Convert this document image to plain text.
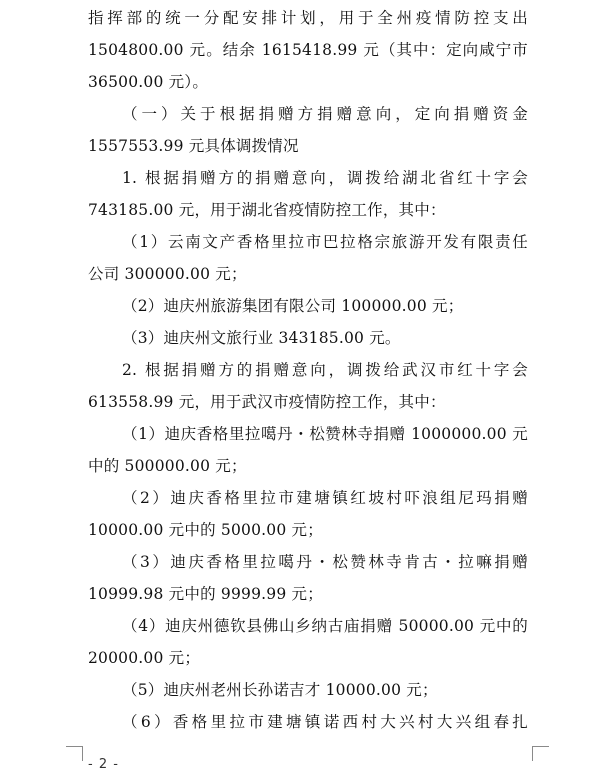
指挥部的统一分配安排计划，用于全州疫情防控支出
1504800.00 元。结余 1615418.99 元（其中：定向咸宁市
36500.00 元）。
（一）关于根据捐赠方捐赠意向，定向捐赠资金
1557553.99 元具体调拨情况
1. 根据捐赠方的捐赠意向，调拨给湖北省红十字会
743185.00 元，用于湖北省疫情防控工作，其中：
（1）云南文产香格里拉市巴拉格宗旅游开发有限责任
公司 300000.00 元；
（2）迪庆州旅游集团有限公司 100000.00 元；
（3）迪庆州文旅行业 343185.00 元。
2. 根据捐赠方的捐赠意向，调拨给武汉市红十字会
613558.99 元，用于武汉市疫情防控工作，其中：
（1）迪庆香格里拉噶丹・松赞林寺捐赠 1000000.00 元
中的 500000.00 元；
（2）迪庆香格里拉市建塘镇红坡村吓浪组尼玛捐赠
10000.00 元中的 5000.00 元；
（3）迪庆香格里拉噶丹・松赞林寺肯古・拉嘛捐赠
10999.98 元中的 9999.99 元；
（4）迪庆州德钦县佛山乡纳古庙捐赠 50000.00 元中的
20000.00 元；
（5）迪庆州老州长孙诺吉才 10000.00 元；
（6）香格里拉市建塘镇诺西村大兴村大兴组春扎
- 2 -
